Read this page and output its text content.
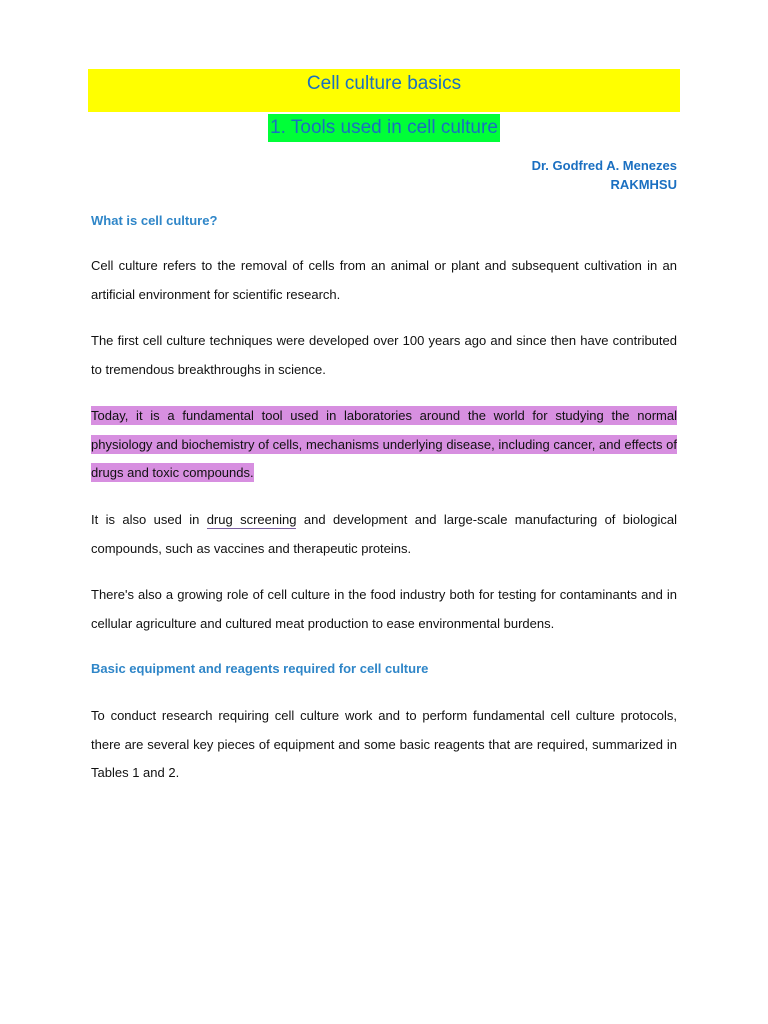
Cell culture basics
1. Tools used in cell culture
Dr. Godfred A. Menezes
RAKMHSU
What is cell culture?
Cell culture refers to the removal of cells from an animal or plant and subsequent cultivation in an artificial environment for scientific research.
The first cell culture techniques were developed over 100 years ago and since then have contributed to tremendous breakthroughs in science.
Today, it is a fundamental tool used in laboratories around the world for studying the normal physiology and biochemistry of cells, mechanisms underlying disease, including cancer, and effects of drugs and toxic compounds.
It is also used in drug screening and development and large-scale manufacturing of biological compounds, such as vaccines and therapeutic proteins.
There's also a growing role of cell culture in the food industry both for testing for contaminants and in cellular agriculture and cultured meat production to ease environmental burdens.
Basic equipment and reagents required for cell culture
To conduct research requiring cell culture work and to perform fundamental cell culture protocols, there are several key pieces of equipment and some basic reagents that are required, summarized in Tables 1 and 2.
